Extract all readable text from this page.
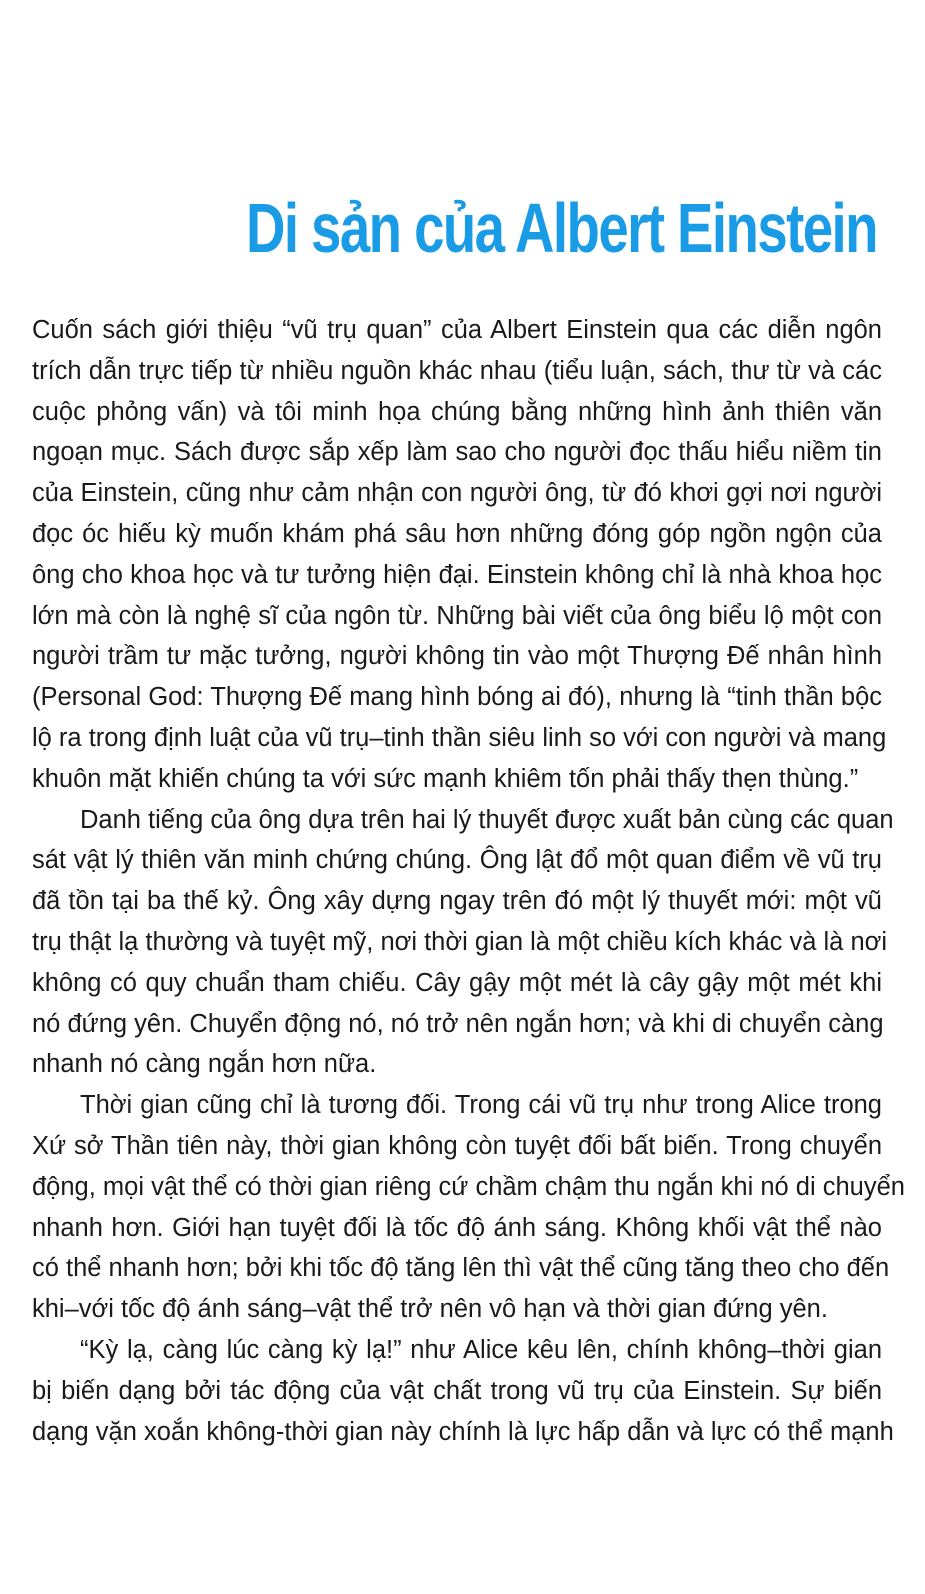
Di sản của Albert Einstein

Cuốn sách giới thiệu “vũ trụ quan” của Albert Einstein qua các diễn ngôn
trích dẫn trực tiếp từ nhiều nguồn khác nhau (tiểu luận, sách, thư từ và các
cuộc phỏng vấn) và tôi minh họa chúng bằng những hình ảnh thiên văn
ngoạn mục. Sách được sắp xếp làm sao cho người đọc thấu hiểu niềm tin
của Einstein, cũng như cảm nhận con người ông, từ đó khơi gợi nơi người
đọc óc hiếu kỳ muốn khám phá sâu hơn những đóng góp ngồn ngộn của
ông cho khoa học và tư tưởng hiện đại. Einstein không chỉ là nhà khoa học
lớn mà còn là nghệ sĩ của ngôn từ. Những bài viết của ông biểu lộ một con
người trầm tư mặc tưởng, người không tin vào một Thượng Đế nhân hình
(Personal God: Thượng Đế mang hình bóng ai đó), nhưng là “tinh thần bộc
lộ ra trong định luật của vũ trụ–tinh thần siêu linh so với con người và mang
khuôn mặt khiến chúng ta với sức mạnh khiêm tốn phải thấy thẹn thùng.”

Danh tiếng của ông dựa trên hai lý thuyết được xuất bản cùng các quan
sát vật lý thiên văn minh chứng chúng. Ông lật đổ một quan điểm về vũ trụ
đã tồn tại ba thế kỷ. Ông xây dựng ngay trên đó một lý thuyết mới: một vũ
trụ thật lạ thường và tuyệt mỹ, nơi thời gian là một chiều kích khác và là nơi
không có quy chuẩn tham chiếu. Cây gậy một mét là cây gậy một mét khi
nó đứng yên. Chuyển động nó, nó trở nên ngắn hơn; và khi di chuyển càng
nhanh nó càng ngắn hơn nữa.

Thời gian cũng chỉ là tương đối. Trong cái vũ trụ như trong Alice trong
Xứ sở Thần tiên này, thời gian không còn tuyệt đối bất biến. Trong chuyển
động, mọi vật thể có thời gian riêng cứ chầm chậm thu ngắn khi nó di chuyển
nhanh hơn. Giới hạn tuyệt đối là tốc độ ánh sáng. Không khối vật thể nào
có thể nhanh hơn; bởi khi tốc độ tăng lên thì vật thể cũng tăng theo cho đến
khi–với tốc độ ánh sáng–vật thể trở nên vô hạn và thời gian đứng yên.

“Kỳ lạ, càng lúc càng kỳ lạ!” như Alice kêu lên, chính không–thời gian
bị biến dạng bởi tác động của vật chất trong vũ trụ của Einstein. Sự biến
dạng vặn xoắn không-thời gian này chính là lực hấp dẫn và lực có thể mạnh
